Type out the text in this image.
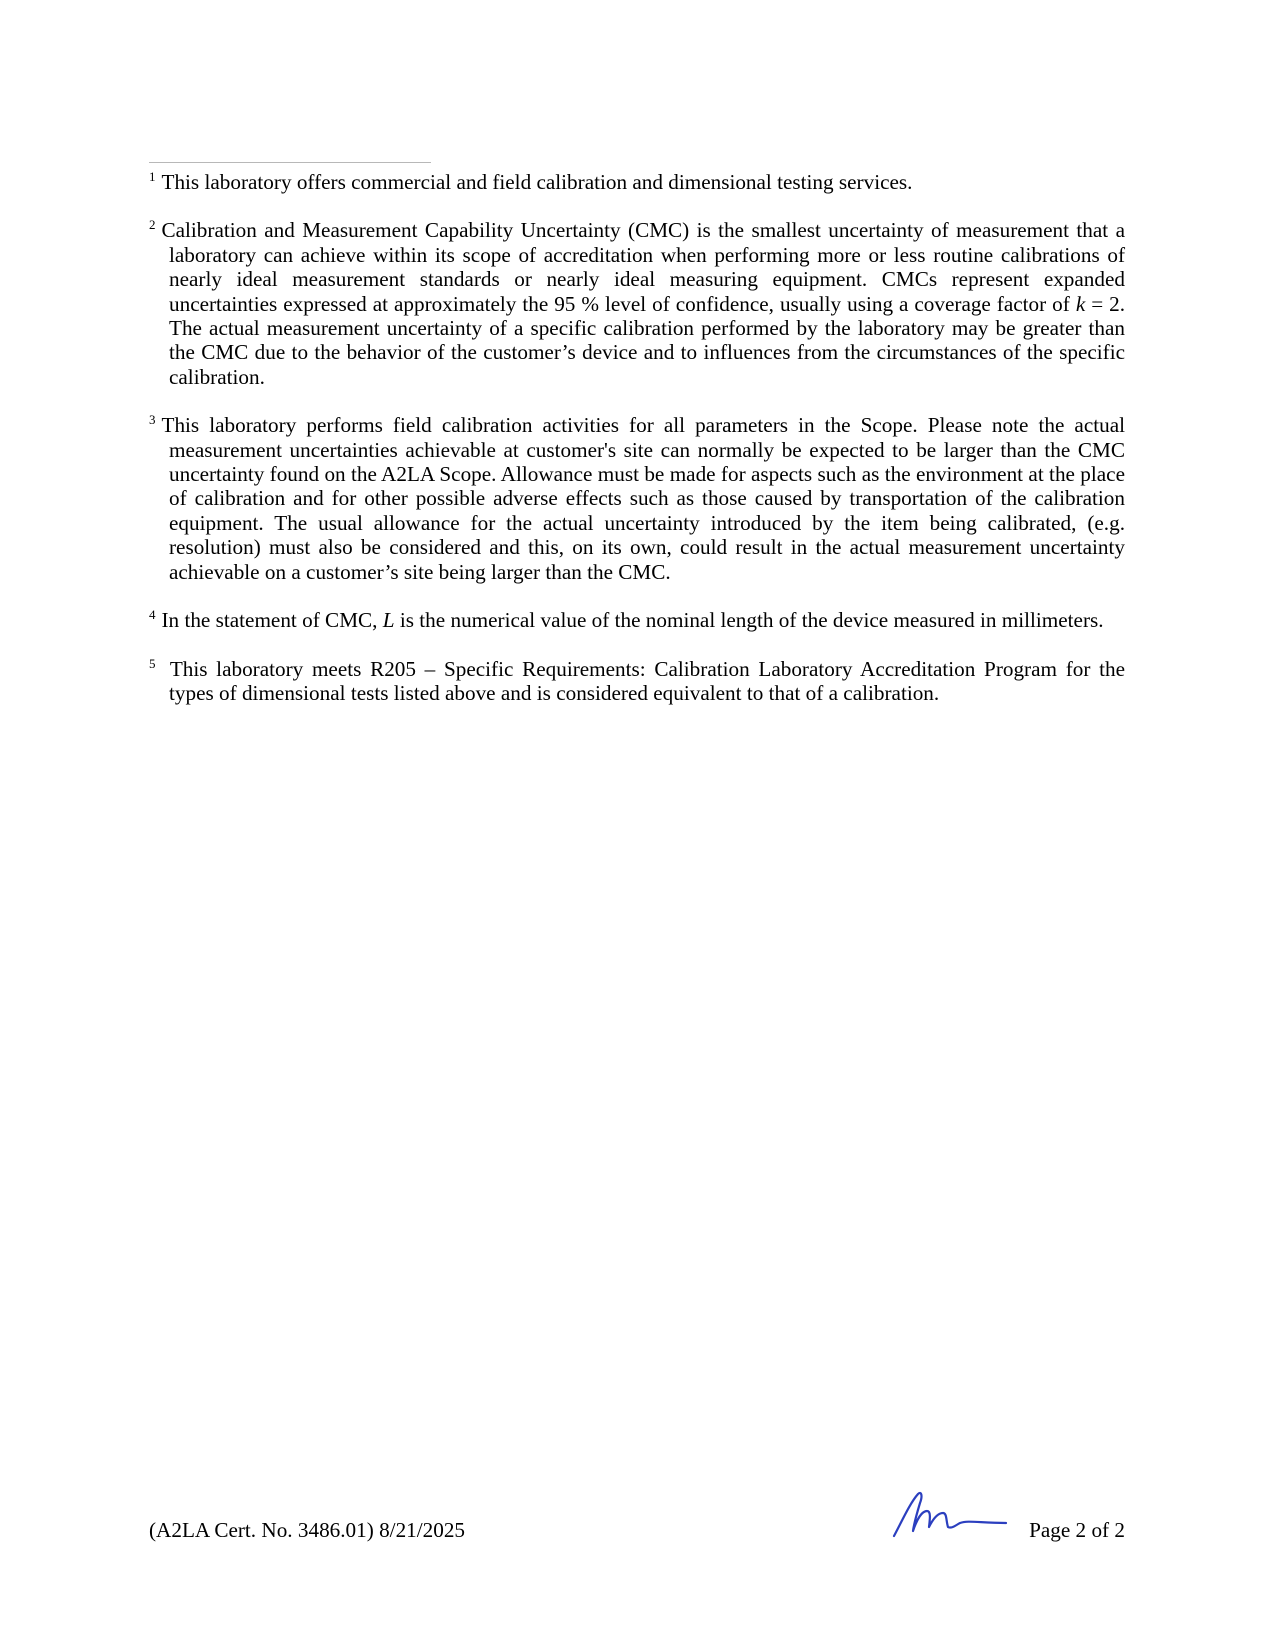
$^1$ This laboratory offers commercial and field calibration and dimensional testing services.

$^2$ Calibration and Measurement Capability Uncertainty (CMC) is the smallest uncertainty of measurement that a laboratory can achieve within its scope of accreditation when performing more or less routine calibrations of nearly ideal measurement standards or nearly ideal measuring equipment. CMCs represent expanded uncertainties expressed at approximately the 95 % level of confidence, usually using a coverage factor of k = 2. The actual measurement uncertainty of a specific calibration performed by the laboratory may be greater than the CMC due to the behavior of the customer’s device and to influences from the circumstances of the specific calibration.

$^3$ This laboratory performs field calibration activities for all parameters in the Scope. Please note the actual measurement uncertainties achievable at customer's site can normally be expected to be larger than the CMC uncertainty found on the A2LA Scope. Allowance must be made for aspects such as the environment at the place of calibration and for other possible adverse effects such as those caused by transportation of the calibration equipment. The usual allowance for the actual uncertainty introduced by the item being calibrated, (e.g. resolution) must also be considered and this, on its own, could result in the actual measurement uncertainty achievable on a customer’s site being larger than the CMC.

$^4$ In the statement of CMC, L is the numerical value of the nominal length of the device measured in millimeters.

$^5$ This laboratory meets R205 – Specific Requirements: Calibration Laboratory Accreditation Program for the types of dimensional tests listed above and is considered equivalent to that of a calibration.

(A2LA Cert. No. 3486.01) 8/21/2025	Page 2 of 2
